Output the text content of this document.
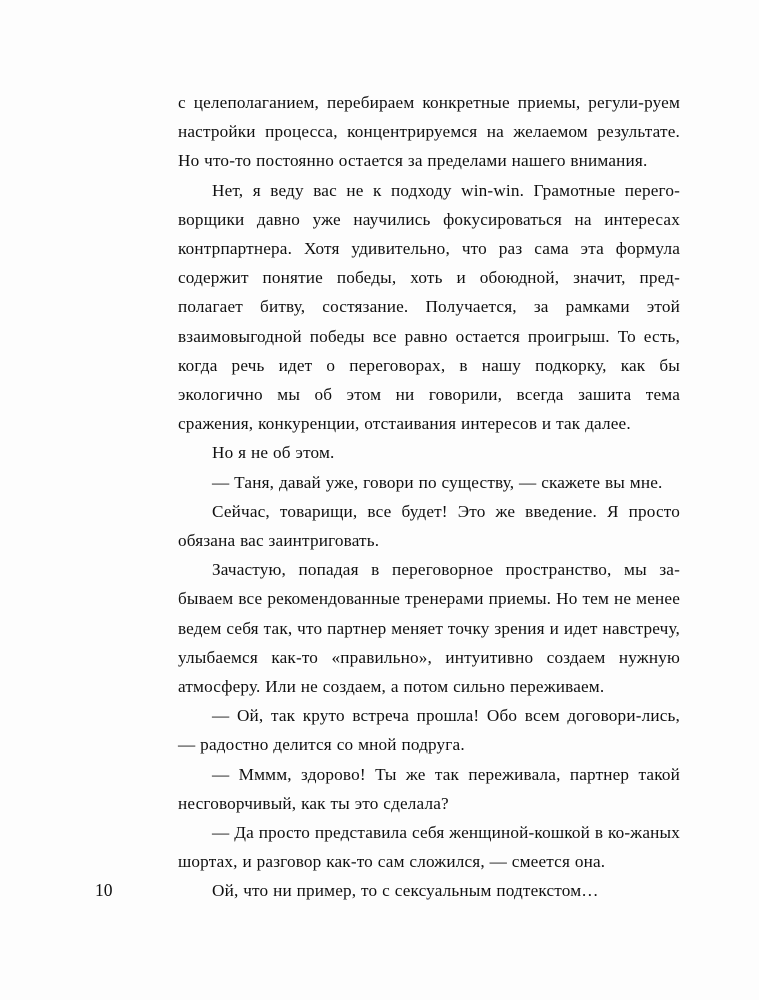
с целеполаганием, перебираем конкретные приемы, регули-руем настройки процесса, концентрируемся на желаемом результате. Но что-то постоянно остается за пределами нашего внимания.

Нет, я веду вас не к подходу win-win. Грамотные перего-ворщики давно уже научились фокусироваться на интересах контрпартнера. Хотя удивительно, что раз сама эта формула содержит понятие победы, хоть и обоюдной, значит, пред-полагает битву, состязание. Получается, за рамками этой взаимовыгодной победы все равно остается проигрыш. То есть, когда речь идет о переговорах, в нашу подкорку, как бы экологично мы об этом ни говорили, всегда зашита тема сражения, конкуренции, отстаивания интересов и так далее.

Но я не об этом.

— Таня, давай уже, говори по существу, — скажете вы мне.

Сейчас, товарищи, все будет! Это же введение. Я просто обязана вас заинтриговать.

Зачастую, попадая в переговорное пространство, мы за-бываем все рекомендованные тренерами приемы. Но тем не менее ведем себя так, что партнер меняет точку зрения и идет навстречу, улыбаемся как-то «правильно», интуитивно создаем нужную атмосферу. Или не создаем, а потом сильно переживаем.

— Ой, так круто встреча прошла! Обо всем договори-лись, — радостно делится со мной подруга.

— Мммм, здорово! Ты же так переживала, партнер такой несговорчивый, как ты это сделала?

— Да просто представила себя женщиной-кошкой в ко-жаных шортах, и разговор как-то сам сложился, — смеется она.

Ой, что ни пример, то с сексуальным подтекстом…

10
